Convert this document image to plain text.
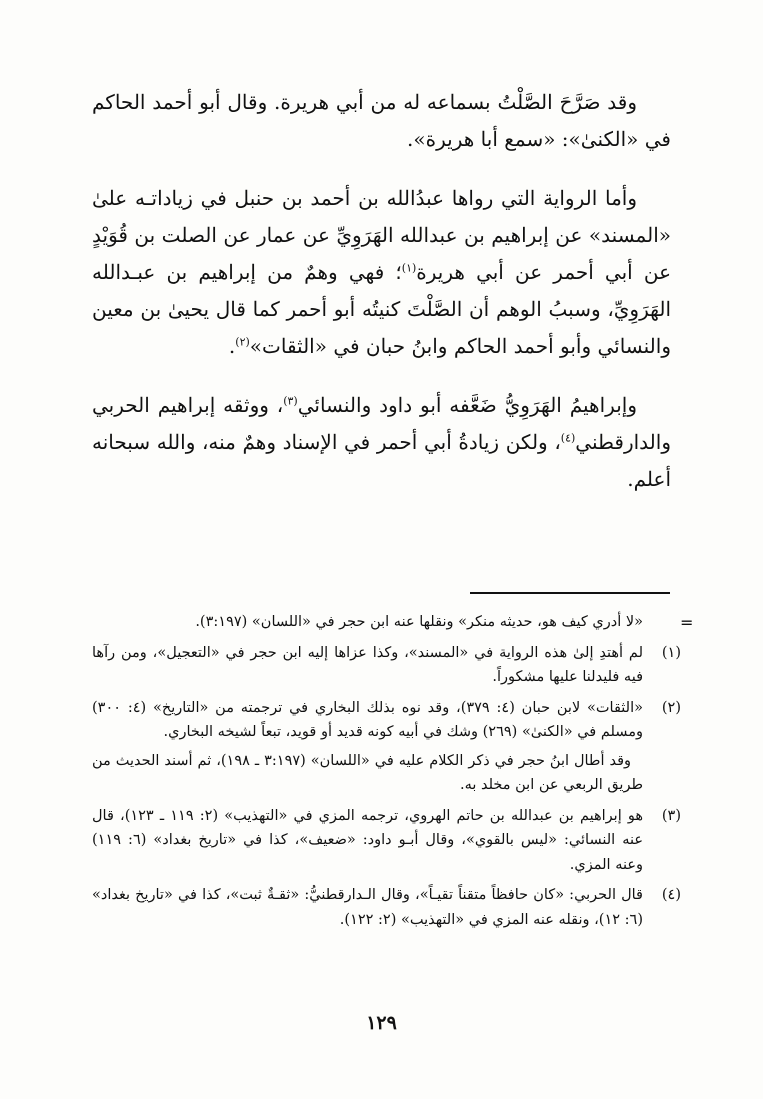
وقد صَرَّحَ الصَّلْتُ بسماعه له من أبي هريرة. وقال أبو أحمد الحاكم في «الكنىٰ»: «سمع أبا هريرة».

وأما الرواية التي رواها عبدُالله بن أحمد بن حنبل في زياداتـه علىٰ «المسند» عن إبراهيم بن عبدالله الهَرَوِيِّ عن عمار عن الصلت بن قُوَيْدٍ عن أبي أحمر عن أبي هريرة$^{(١)}$؛ فهي وهمٌ من إبراهيم بن عبـدالله الهَرَوِيِّ، وسببُ الوهم أن الصَّلْتَ كنيتُه أبو أحمر كما قال يحيىٰ بن معين والنسائي وأبو أحمد الحاكم وابنُ حبان في «الثقات»$^{(٢)}$.

وإبراهيمُ الهَرَوِيُّ ضَعَّفه أبو داود والنسائي$^{(٣)}$، ووثقه إبراهيم الحربي والدارقطني$^{(٤)}$، ولكن زيادةُ أبي أحمر في الإسناد وهمٌ منه، والله سبحانه أعلم.

=

«لا أدري كيف هو، حديثه منكر» ونقلها عنه ابن حجر في «اللسان» (٣:١٩٧).

(١)
لم أهتدِ إلىٰ هذه الرواية في «المسند»، وكذا عزاها إليه ابن حجر في «التعجيل»، ومن رآها فيه فليدلنا عليها مشكوراً.
(٢)
«الثقات» لابن حبان (٤: ٣٧٩)، وقد نوه بذلك البخاري في ترجمته من «التاريخ» (٤: ٣٠٠) ومسلم في «الكنىٰ» (٢٦٩) وشك في أبيه كونه قديد أو قويد، تبعاً لشيخه البخاري.
وقد أطال ابنُ حجر في ذكر الكلام عليه في «اللسان» (٣:١٩٧ ـ ١٩٨)، ثم أسند الحديث من طريق الربعي عن ابن مخلد به.
(٣)
هو إبراهيم بن عبدالله بن حاتم الهروي، ترجمه المزي في «التهذيب» (٢: ١١٩ ـ ١٢٣)، قال عنه النسائي: «ليس بالقوي»، وقال أبـو داود: «ضعيف»، كذا في «تاريخ بغداد» (٦: ١١٩) وعنه المزي.
(٤)
قال الحربي: «كان حافظاً متقناً تقيـاً»، وقال الـدارقطنيُّ: «ثقـةٌ ثبت»، كذا في «تاريخ بغداد» (٦: ١٢)، ونقله عنه المزي في «التهذيب» (٢: ١٢٢).
١٢٩
